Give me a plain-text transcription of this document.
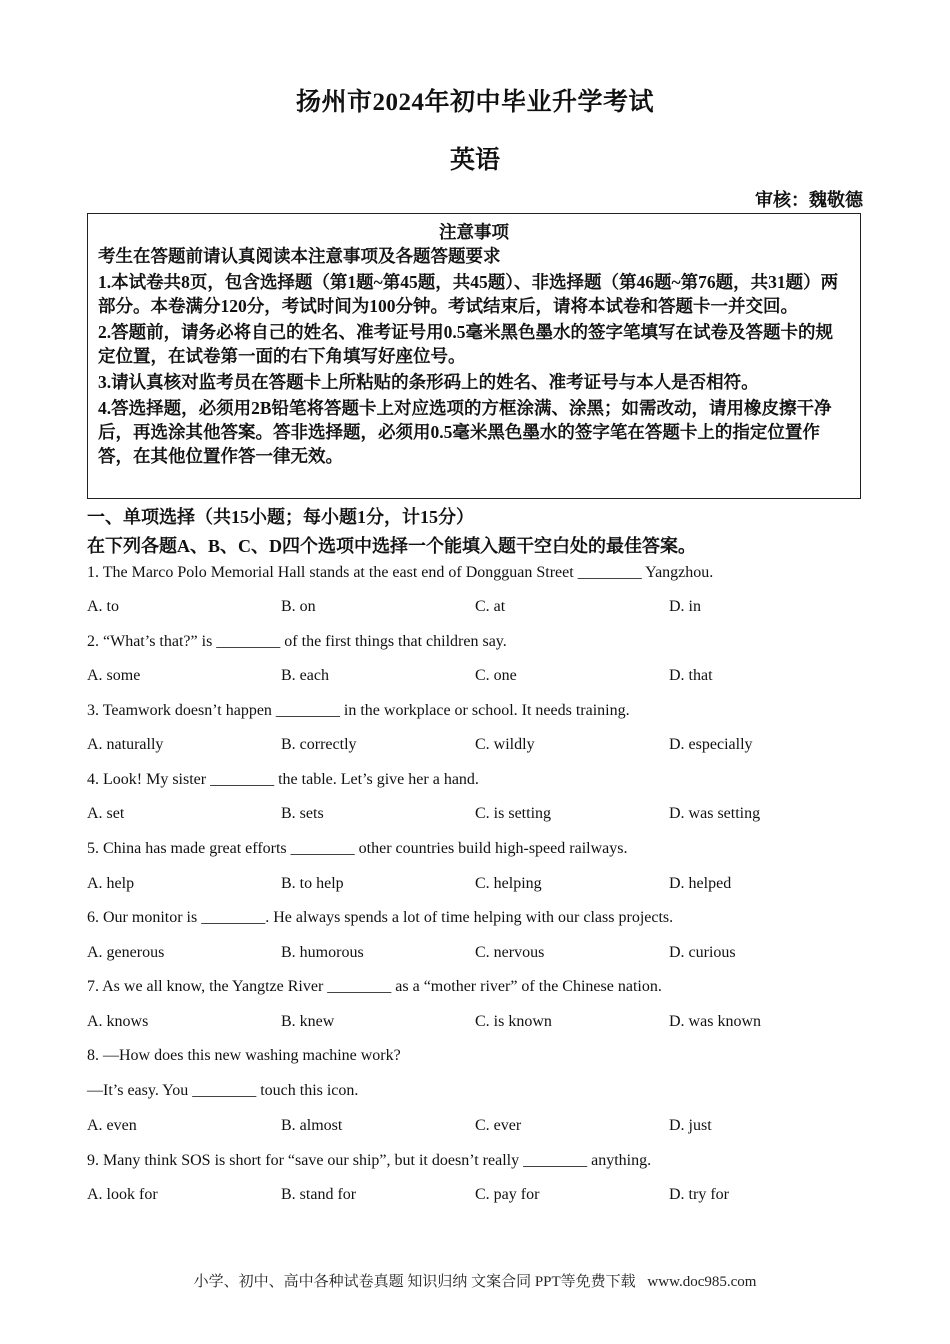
扬州市2024年初中毕业升学考试
英语
审核：魏敬德
注意事项

考生在答题前请认真阅读本注意事项及各题答题要求

1.本试卷共8页，包含选择题（第1题~第45题，共45题）、非选择题（第46题~第76题，共31题）两部分。本卷满分120分，考试时间为100分钟。考试结束后，请将本试卷和答题卡一并交回。

2.答题前，请务必将自己的姓名、准考证号用0.5毫米黑色墨水的签字笔填写在试卷及答题卡的规定位置，在试卷第一面的右下角填写好座位号。

3.请认真核对监考员在答题卡上所粘贴的条形码上的姓名、准考证号与本人是否相符。

4.答选择题，必须用2B铅笔将答题卡上对应选项的方框涂满、涂黑；如需改动，请用橡皮擦干净后，再选涂其他答案。答非选择题，必须用0.5毫米黑色墨水的签字笔在答题卡上的指定位置作答，在其他位置作答一律无效。

一、单项选择（共15小题；每小题1分，计15分）
在下列各题A、B、C、D四个选项中选择一个能填入题干空白处的最佳答案。
1. The Marco Polo Memorial Hall stands at the east end of Dongguan Street ________ Yangzhou.
A. to	B. on	C. at	D. in
2. “What’s that?” is ________ of the first things that children say.
A. some	B. each	C. one	D. that
3. Teamwork doesn’t happen ________ in the workplace or school. It needs training.
A. naturally	B. correctly	C. wildly	D. especially
4. Look! My sister ________ the table. Let’s give her a hand.
A. set	B. sets	C. is setting	D. was setting
5. China has made great efforts ________ other countries build high-speed railways.
A. help	B. to help	C. helping	D. helped
6. Our monitor is ________. He always spends a lot of time helping with our class projects.
A. generous	B. humorous	C. nervous	D. curious
7. As we all know, the Yangtze River ________ as a “mother river” of the Chinese nation.
A. knows	B. knew	C. is known	D. was known
8. —How does this new washing machine work?
—It’s easy. You ________ touch this icon.
A. even	B. almost	C. ever	D. just
9. Many think SOS is short for “save our ship”, but it doesn’t really ________ anything.
A. look for	B. stand for	C. pay for	D. try for
小学、初中、高中各种试卷真题 知识归纳 文案合同 PPT等免费下载 www.doc985.com
